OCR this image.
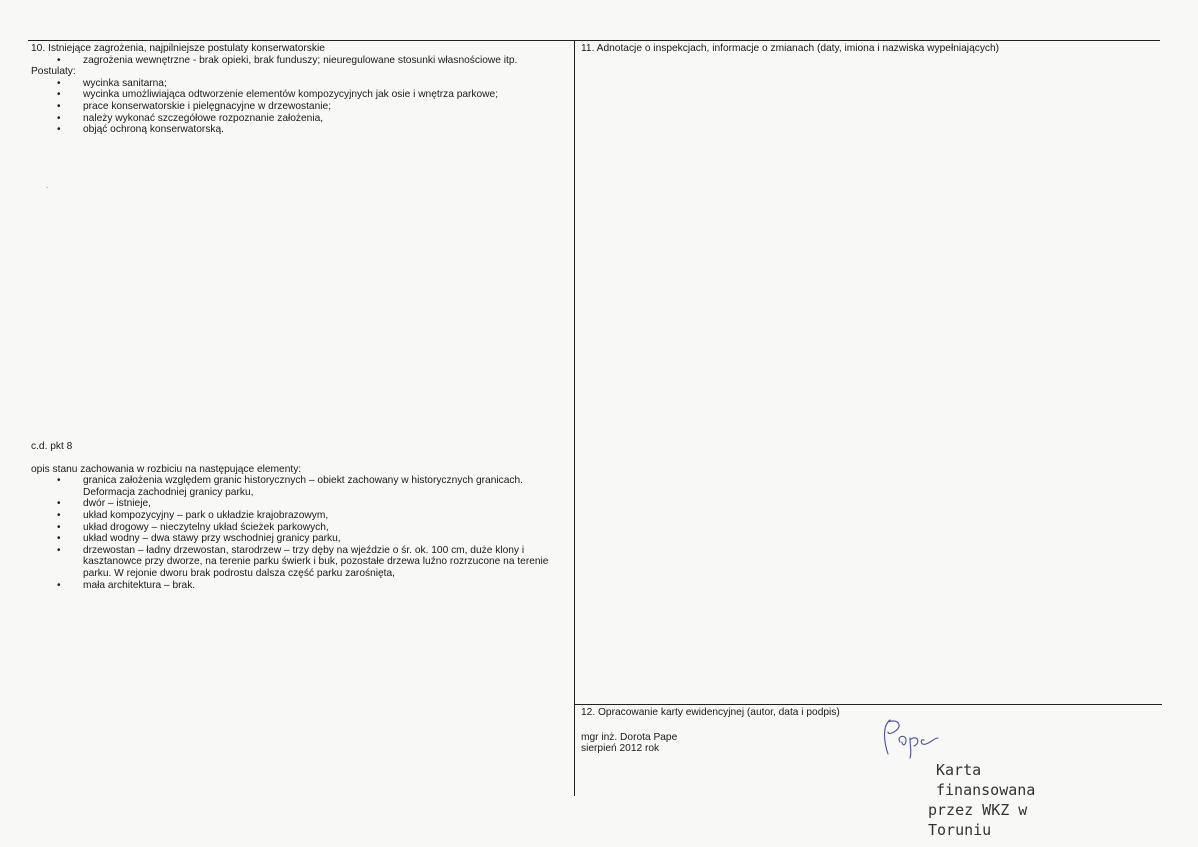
10. Istniejące zagrożenia, najpilniejsze postulaty konserwatorskie

• zagrożenia wewnętrzne - brak opieki, brak funduszy; nieuregulowane stosunki własnościowe itp.

Postulaty:

• wycinka sanitarna;
• wycinka umożliwiająca odtworzenie elementów kompozycyjnych jak osie i wnętrza parkowe;
• prace konserwatorskie i pielęgnacyjne w drzewostanie;
• należy wykonać szczegółowe rozpoznanie założenia,
• objąć ochroną konserwatorską.
.

c.d. pkt 8

opis stanu zachowania w rozbiciu na następujące elementy:

• granica założenia względem granic historycznych – obiekt zachowany w historycznych granicach. Deformacja zachodniej granicy parku,
• dwór – istnieje,
• układ kompozycyjny – park o układzie krajobrazowym,
• układ drogowy – nieczytelny układ ścieżek parkowych,
• układ wodny – dwa stawy przy wschodniej granicy parku,
• drzewostan – ładny drzewostan, starodrzew – trzy dęby na wjeździe o śr. ok. 100 cm, duże klony i kasztanowce przy dworze, na terenie parku świerk i buk, pozostałe drzewa luźno rozrzucone na terenie parku. W rejonie dworu brak podrostu dalsza część parku zarośnięta,
• mała architektura – brak.

11. Adnotacje o inspekcjach, informacje o zmianach (daty, imiona i nazwiska wypełniających)

12. Opracowanie karty ewidencyjnej (autor, data i podpis)

mgr inż. Dorota Pape
sierpień 2012 rok
Karta finansowana
przez WKZ w Toruniu
